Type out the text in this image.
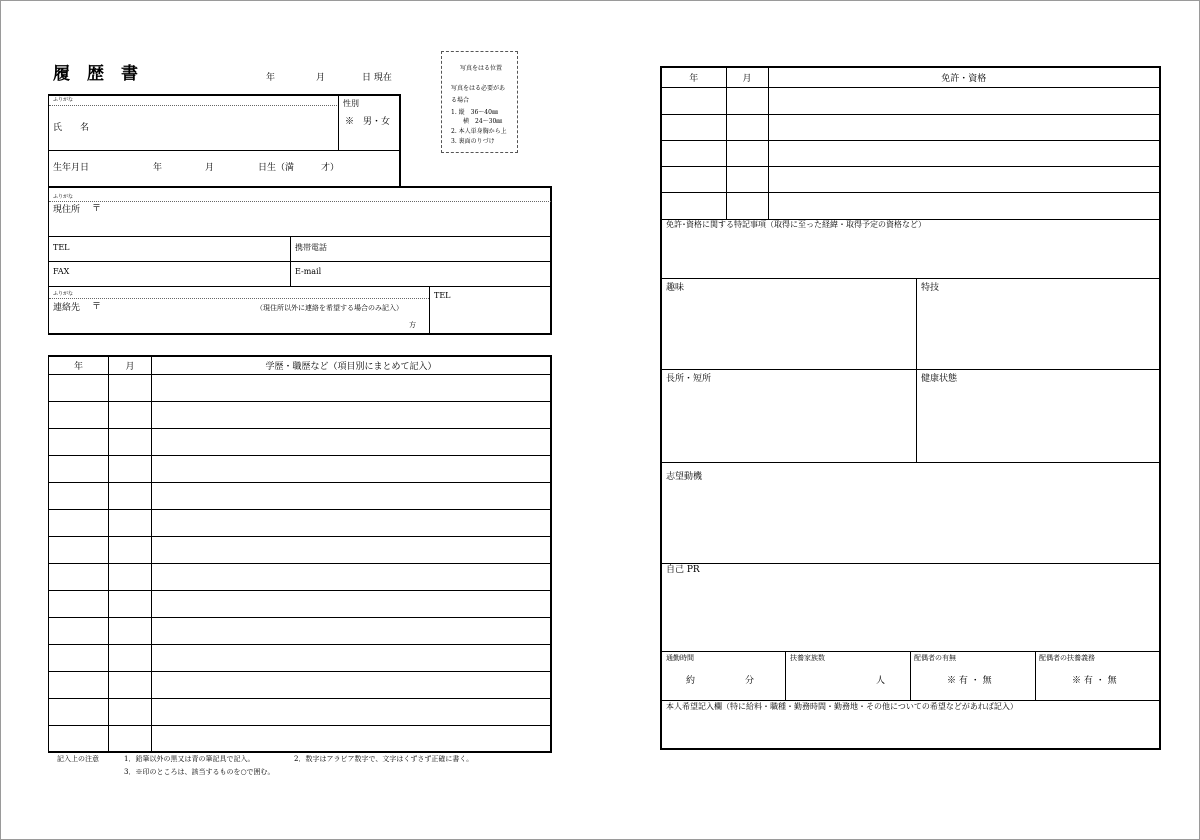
履　歴　書	年	月	日 現在
写真をはる位置
写真をはる必要があ
る場合
1. 縦　36〜40㎜
　　横　24〜30㎜
2. 本人単身胸から上
3. 裏面のりづけ
ふりがな
氏　　名
性別
※　男・女
生年月日	年	月	日生（満　　　才）
ふりがな
現住所 〒
TEL	携帯電話
FAX	E-mail
ふりがな
連絡先 〒	（現住所以外に連絡を希望する場合のみ記入）
方
TEL
年	月	学歴・職歴など（項目別にまとめて記入）

記入上の注意	1．鉛筆以外の黒又は青の筆記具で記入。	2．数字はアラビア数字で、文字はくずさず正確に書く。
3．※印のところは、該当するものを○で囲む。
年	月	免許・資格

免許･資格に関する特記事項（取得に至った経緯・取得予定の資格など）
趣味	特技
長所・短所	健康状態
志望動機
自己 PR
通勤時間
約	分
扶養家族数
人
配偶者の有無
※ 有 ・ 無
配偶者の扶養義務
※ 有 ・ 無
本人希望記入欄（特に給料・職種・勤務時間・勤務地・その他についての希望などがあれば記入）
